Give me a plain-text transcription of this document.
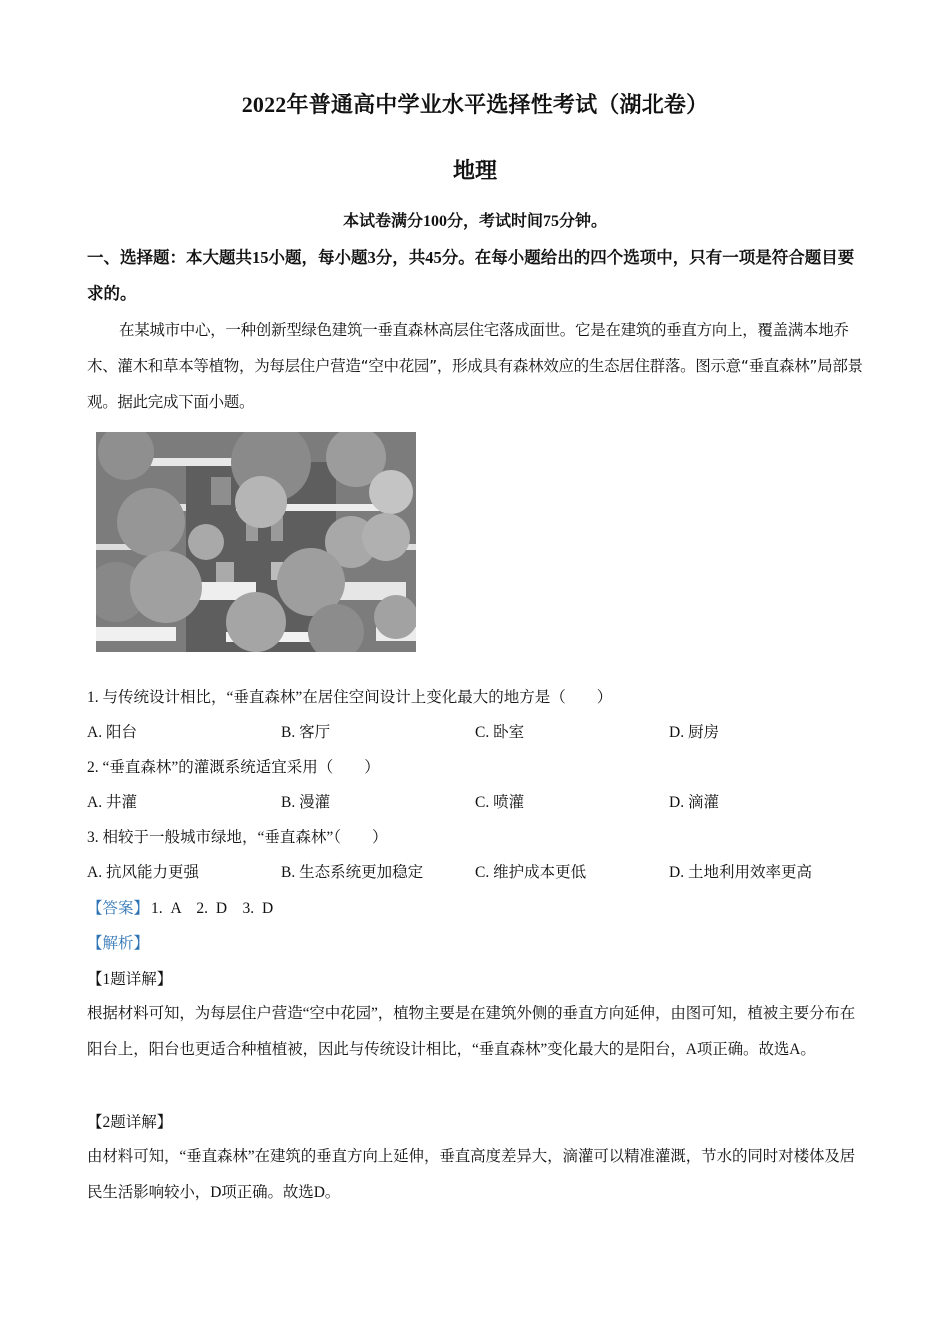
2022年普通高中学业水平选择性考试（湖北卷）
地理
本试卷满分100分，考试时间75分钟。
一、选择题：本大题共15小题，每小题3分，共45分。在每小题给出的四个选项中，只有一项是符合题目要求的。
在某城市中心，一种创新型绿色建筑一垂直森林高层住宅落成面世。它是在建筑的垂直方向上，覆盖满本地乔木、灌木和草本等植物，为每层住户营造“空中花园”，形成具有森林效应的生态居住群落。图示意“垂直森林”局部景观。据此完成下面小题。
1. 与传统设计相比，“垂直森林”在居住空间设计上变化最大的地方是（　　）
A. 阳台	B. 客厅	C. 卧室	D. 厨房
2. “垂直森林”的灌溉系统适宜采用（　　）
A. 井灌	B. 漫灌	C. 喷灌	D. 滴灌
3. 相较于一般城市绿地，“垂直森林”（　　）
A. 抗风能力更强	B. 生态系统更加稳定	C. 维护成本更低	D. 土地利用效率更高
【答案】 1. A　2. D　3. D
【解析】
【1题详解】
根据材料可知，为每层住户营造“空中花园”，植物主要是在建筑外侧的垂直方向延伸，由图可知，植被主要分布在阳台上，阳台也更适合种植植被，因此与传统设计相比，“垂直森林”变化最大的是阳台，A项正确。故选A。
【2题详解】
由材料可知，“垂直森林”在建筑的垂直方向上延伸，垂直高度差异大，滴灌可以精准灌溉，节水的同时对楼体及居民生活影响较小，D项正确。故选D。
